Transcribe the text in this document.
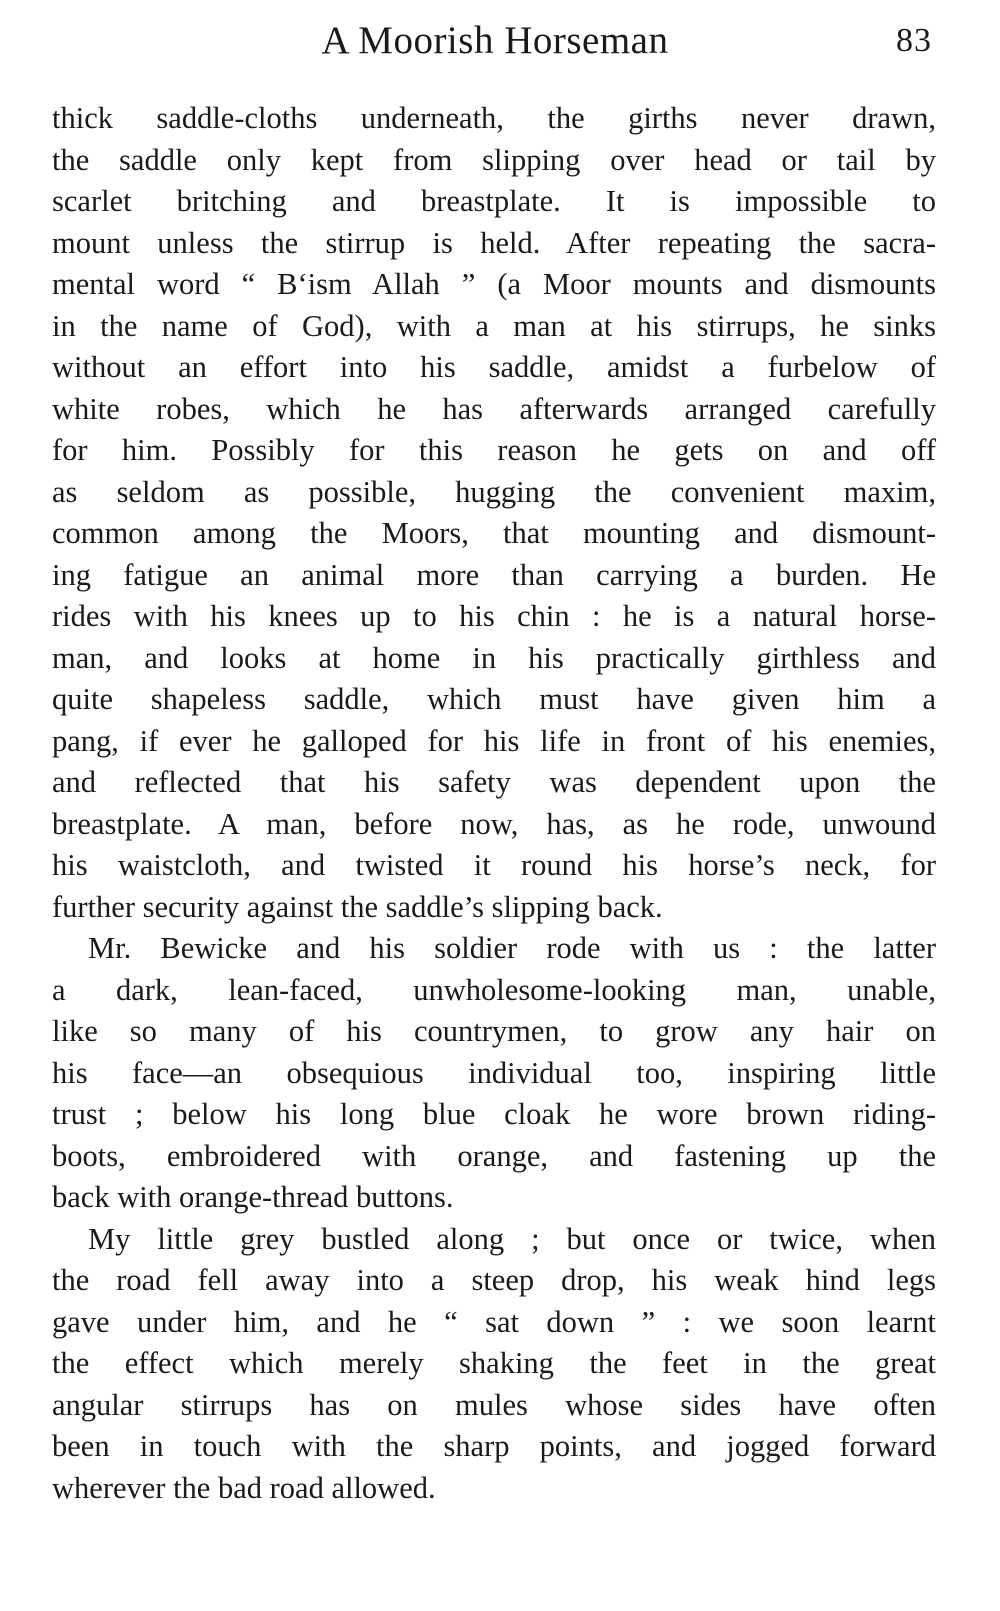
A Moorish Horseman	83
thick saddle-cloths underneath, the girths never drawn,
the saddle only kept from slipping over head or tail by
scarlet britching and breastplate. It is impossible to
mount unless the stirrup is held. After repeating the sacra-
mental word “ B‘ism Allah ” (a Moor mounts and dismounts
in the name of God), with a man at his stirrups, he sinks
without an effort into his saddle, amidst a furbelow of
white robes, which he has afterwards arranged carefully
for him. Possibly for this reason he gets on and off
as seldom as possible, hugging the convenient maxim,
common among the Moors, that mounting and dismount-
ing fatigue an animal more than carrying a burden. He
rides with his knees up to his chin : he is a natural horse-
man, and looks at home in his practically girthless and
quite shapeless saddle, which must have given him a
pang, if ever he galloped for his life in front of his enemies,
and reflected that his safety was dependent upon the
breastplate. A man, before now, has, as he rode, unwound
his waistcloth, and twisted it round his horse’s neck, for
further security against the saddle’s slipping back.
Mr. Bewicke and his soldier rode with us : the latter
a dark, lean-faced, unwholesome-looking man, unable,
like so many of his countrymen, to grow any hair on
his face—an obsequious individual too, inspiring little
trust ; below his long blue cloak he wore brown riding-
boots, embroidered with orange, and fastening up the
back with orange-thread buttons.
My little grey bustled along ; but once or twice, when
the road fell away into a steep drop, his weak hind legs
gave under him, and he “ sat down ” : we soon learnt
the effect which merely shaking the feet in the great
angular stirrups has on mules whose sides have often
been in touch with the sharp points, and jogged forward
wherever the bad road allowed.
